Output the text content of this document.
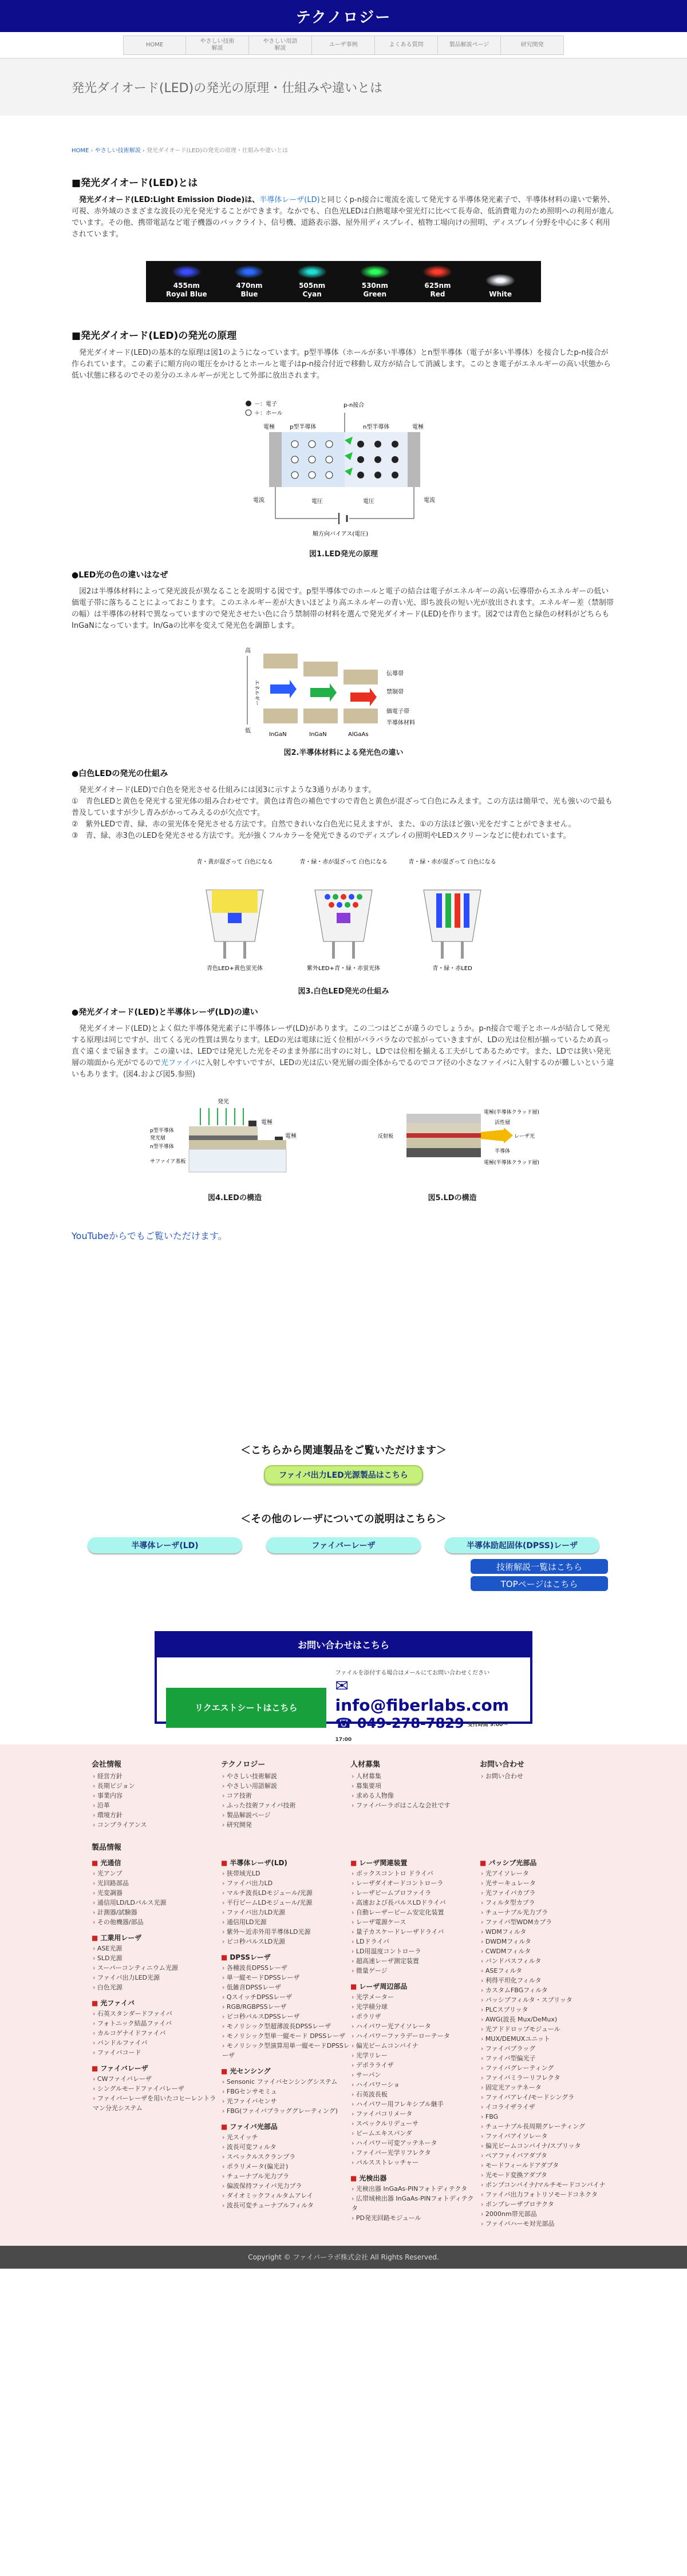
テクノロジー
HOME
やさしい技術
解説
やさしい用語
解説
ユーザ事例	よくある質問	製品解説ページ	研究開発
発光ダイオード(LED)の発光の原理・仕組みや違いとは
HOME › やさしい技術解説 › 発光ダイオード(LED)の発光の原理・仕組みや違いとは
■発光ダイオード(LED)とは

発光ダイオード(LED:Light Emission Diode)は、半導体レーザ(LD)と同じくp-n接合に電流を流して発光する半導体発光素子で、半導体材料の違いで紫外、可視、赤外域のさまざまな波長の光を発光することができます。なかでも、白色光LEDは白熱電球や蛍光灯に比べて長寿命、低消費電力のため照明への利用が進んでいます。その他、携帯電話など電子機器のバックライト、信号機、道路表示器、屋外用ディスプレイ、植物工場向けの照明、ディスプレイ分野を中心に多く利用されています。

455nm
Royal Blue
470nm
Blue
505nm
Cyan
530nm
Green
625nm
Red	White
■発光ダイオード(LED)の発光の原理

発光ダイオード(LED)の基本的な原理は図1のようになっています。p型半導体（ホールが多い半導体）とn型半導体（電子が多い半導体）を接合したp-n接合が作られています。この素子に順方向の電圧をかけるとホールと電子はp-n接合付近で移動し双方が結合して消滅します。このとき電子がエネルギーの高い状態から低い状態に移るのでその差分のエネルギーが光として外部に放出されます。

－：電子
＋：ホール
p-n接合
電極	p型半導体	n型半導体	電極
電流	電流
電圧	電圧
順方向バイアス(電圧)
図1.LED発光の原理
●LED光の色の違いはなぜ

図2は半導体材料によって発光波長が異なることを説明する図です。p型半導体でのホールと電子の結合は電子がエネルギーの高い伝導帯からエネルギーの低い価電子帯に落ちることによっておこります。このエネルギー差が大きいほどより高エネルギーの青い光、即ち波長の短い光が放出されます。エネルギー差（禁制帯の幅）は半導体の材料で異なっていますので発光させたい色に合う禁制帯の材料を選んで発光ダイオード(LED)を作ります。図2では青色と緑色の材料がどちらもInGaNになっています。In/Gaの比率を変えて発光色を調節します。

高
低
エネルギー
伝導帯
禁制帯
価電子帯
半導体材料
InGaN	InGaN	AlGaAs
図2.半導体材料による発光色の違い
●白色LEDの発光の仕組み

発光ダイオード(LED)で白色を発光させる仕組みには図3に示すような3通りがあります。

①　青色LEDと黄色を発光する蛍光体の組み合わせです。黄色は青色の補色ですので青色と黄色が混ざって白色にみえます。この方法は簡単で、光も強いので最も普及していますが少し青みがかってみえるのが欠点です。
②　紫外LEDで青、緑、赤の蛍光体を発光させる方法です。自然できれいな白色光に見えますが、また、①の方法ほど強い光をだすことができません。
③　青、緑、赤3色のLEDを発光させる方法です。光が強くフルカラーを発光できるのでディスプレイの照明やLEDスクリーンなどに使われています。
青・黄が混ざって 白色になる	青・緑・赤が混ざって 白色になる	青・緑・赤が混ざって 白色になる
青色LED+黄色蛍光体	紫外LED+青・緑・赤蛍光体	青・緑・赤LED
図3.白色LED発光の仕組み
●発光ダイオード(LED)と半導体レーザ(LD)の違い

発光ダイオード(LED)とよく似た半導体発光素子に半導体レーザ(LD)があります。この二つはどこが違うのでしょうか。p-n接合で電子とホールが結合して発光する原理は同じですが、出てくる光の性質は異なります。LEDの光は電球に近く位相がバラバラなので拡がっていきますが、LDの光は位相が揃っているため真っ直ぐ遠くまで届きます。この違いは、LEDでは発光した光をそのまま外部に出すのに対し、LDでは位相を揃える工夫がしてあるためです。また、LDでは狭い発光層の端面から光がでるので光ファイバに入射しやすいですが、LEDの光は広い発光層の面全体からでるのでコア径の小さなファイバに入射するのが難しいという違いもあります。(図4.および図5.参照)

発光
電極
電極
p型半導体
発光層
n型半導体
サファイア基板
図4.LEDの構造
電極(半導体クラッド層)
活性層
レーザ光
反射板
電極(半導体クラッド層)
半導体
図5.LDの構造

YouTubeからでもご覧いただけます。

＜こちらから関連製品をご覧いただけます＞
ファイバ出力LED光源製品はこちら
＜その他のレーザについての説明はこちら＞
半導体レーザ(LD)	ファイバーレーザ	半導体励起固体(DPSS)レーザ
技術解説一覧はこちら
TOPページはこちら
お問い合わせはこちら
リクエストシートはこちら
ファイルを添付する場合はメールにてお問い合わせください
✉ info@fiberlabs.com
☎ 049-278-7829 受付時間 9:00～17:00
会社情報
› 経営方針
› 長期ビジョン
› 事業内容
› 沿革
› 環境方針
› コンプライアンス
テクノロジー
› やさしい技術解説
› やさしい用語解説
› コア技術
› ふった技術ファイバ技術
› 製品解説ページ
› 研究開発
人材募集
› 人材募集
› 募集要項
› 求める人物像
› ファイバーラボはこんな会社です
お問い合わせ
› お問い合わせ
製品情報
■ 光通信
› 光アンプ
› 光回路部品
› 光変調器
› 通信用LD/LDパルス光源
› 計測器/試験器
› その他機器/部品
■ 工業用レーザ
› ASE光源
› SLD光源
› スーパーコンティニウム光源
› ファイバ出力LED光源
› 白色光源
■ 光ファイバ
› 石英スタンダードファイバ
› フォトニック結晶ファイバ
› カルコゲナイドファイバ
› バンドルファイバ
› ファイバコード
■ ファイバレーザ
› CWファイバレーザ
› シングルモードファイバレーザ
› ファイバーレーザを用いたコヒーレントラマン分光システム
■ 半導体レーザ(LD)
› 狭帯域光LD
› ファイバ出力LD
› マルチ波長LDモジュール/光源
› 平行ビームLDモジュール/光源
› ファイバ出力LD光源
› 通信用LD光源
› 紫外〜近赤外用半導体LD光源
› ピコ秒パルスLD光源
■ DPSSレーザ
› 各種波長DPSSレーザ
› 単一縦モードDPSSレーザ
› 低雑音DPSSレーザ
› QスイッチDPSSレーザ
› RGB/RGBPSSレーザ
› ピコ秒パルスDPSSレーザ
› モノリシック型超薄波長DPSSレーザ
› モノリシック型単一縦モード DPSSレーザ
› モノリシック型演算用単一縦モードDPSSレーザ
■ 光センシング
› Sensonic ファイバセンシングシステム
› FBGセンサモミュ
› 光ファイバセンサ
› FBG(ファイバブラッググレーティング)
■ ファイバ光部品
› 光スイッチ
› 波長可変フィルタ
› スペックルスクランブラ
› ポラリメータ(偏光計)
› チューナブル光力プラ
› 偏波保持ファイバ光力プラ
› ダイオミックフィルタムアレイ
› 波長可変チューナブルフィルタ
■ レーザ関連装置
› ボックスコントロ ドライバ
› レーザダイオードコントローラ
› レーザビームプロファイラ
› 高速および長パルスLDドライバ
› 自動レーザービーム安定化装置
› レーザ電源ケース
› 量子カスケードレーザドライバ
› LDドライバ
› LD用温度コントローラ
› 超高速レーザ測定装置
› 微量ゲージ
■ レーザ周辺部品
› 光学メーター
› 光学積分球
› ポラリザ
› ハイパワー光アイソレータ
› ハイパワーファラデーローテータ
› 偏光ビームコンバイナ
› 光学リレー
› デポラライザ
› サーパン
› ハイパワーショ
› 石英波長板
› ハイパワー用フレキシブル継手
› ファイバコリメータ
› スペックルリデューサ
› ビームエキスパンダ
› ハイパワー可変アッテネータ
› ファイバー光学リフレクタ
› パルスストレッチャー
■ 光検出器
› 光検出器 InGaAs-PINフォトディテクタ
› 広帯域検出器 InGaAs-PINフォトディテクタ
› PD発光回路モジュール
■ パッシブ光部品
› 光アイソレータ
› 光サーキュレータ
› 光ファイバカプラ
› フィルタ型カプラ
› チューナブル光力プラ
› ファイバ型WDMカプラ
› WDMフィルタ
› DWDMフィルタ
› CWDMフィルタ
› バンドパスフィルタ
› ASEフィルタ
› 利得平坦化フィルタ
› カスタムFBGフィルタ
› パッシブフィルタ・スプリッタ
› PLCスプリッタ
› AWG(波長 Mux/DeMux)
› 光アドドロップモジュール
› MUX/DEMUXユニット
› ファイバブラッグ
› ファイバ型偏光子
› ファイバグレーティング
› ファイバミラーリフレクタ
› 固定光アッテネータ
› ファイバアレイ/モードシングラ
› イコライザライザ
› FBG
› チューナブル長周期グレーティング
› ファイバアイソレータ
› 偏光ビームコンバイナ/スプリッタ
› ペアファイバアダプタ
› モードフィールドアダプタ
› 光モード変換アダプタ
› ポンプコンバイナ/マルチモードコンバイナ
› ファイバ出力フォトリソモードコネクタ
› ポンプレーザプロテクタ
› 2000nm帯光部品
› ファイバハーモ対光部品
Copyright © ファイバーラボ株式会社 All Rights Reserved.
